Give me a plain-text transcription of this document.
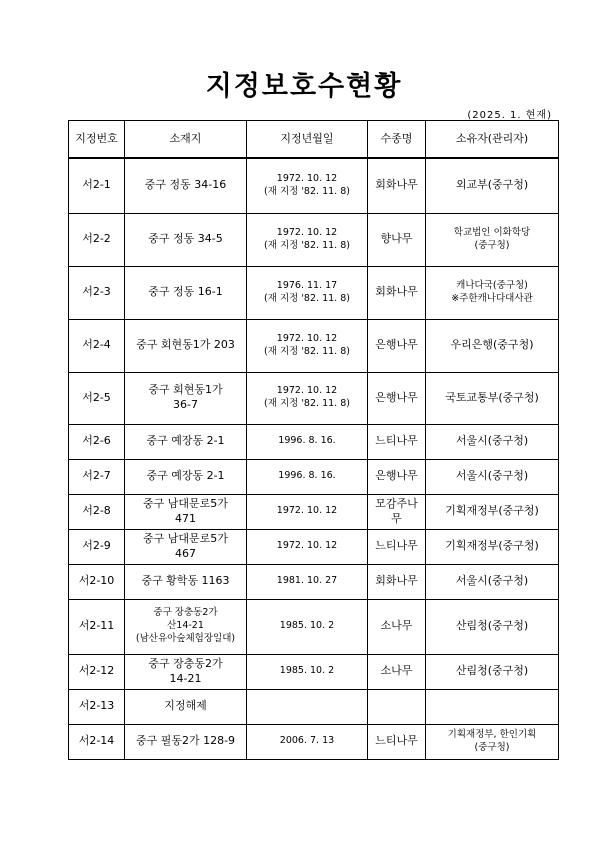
지정보호수현황
(2025. 1. 현재)
지정번호	소재지	지정년월일	수종명	소유자(관리자)
서2-1	중구 정동 34-16	1972. 10. 12
(재 지정 '82. 11. 8)	회화나무	외교부(중구청)

서2-2	중구 정동 34-5	1972. 10. 12
(재 지정 '82. 11. 8)	향나무	학교법인 이화학당
(중구청)

서2-3	중구 정동 16-1	1976. 11. 17
(재 지정 '82. 11. 8)	회화나무	캐나다국(중구청)
※주한캐나다대사관

서2-4	중구 회현동1가 203	1972. 10. 12
(재 지정 '82. 11. 8)	은행나무	우리은행(중구청)

서2-5	중구 회현동1가
36-7	1972. 10. 12
(재 지정 '82. 11. 8)	은행나무	국토교통부(중구청)

서2-6	중구 예장동 2-1	1996. 8. 16.	느티나무	서울시(중구청)

서2-7	중구 예장동 2-1	1996. 8. 16.	은행나무	서울시(중구청)

서2-8	중구 남대문로5가
471	1972. 10. 12	모감주나
무	기획재정부(중구청)

서2-9	중구 남대문로5가
467	1972. 10. 12	느티나무	기획재정부(중구청)

서2-10	중구 황학동 1163	1981. 10. 27	회화나무	서울시(중구청)

서2-11	중구 장충동2가
산14-21
(남산유아숲체험장일대)	1985. 10. 2	소나무	산림청(중구청)

서2-12	중구 장충동2가
14-21	1985. 10. 2	소나무	산림청(중구청)

서2-13	지정해제			

서2-14	중구 필동2가 128-9	2006. 7. 13	느티나무	기획재정부, 한인기획
(중구청)
